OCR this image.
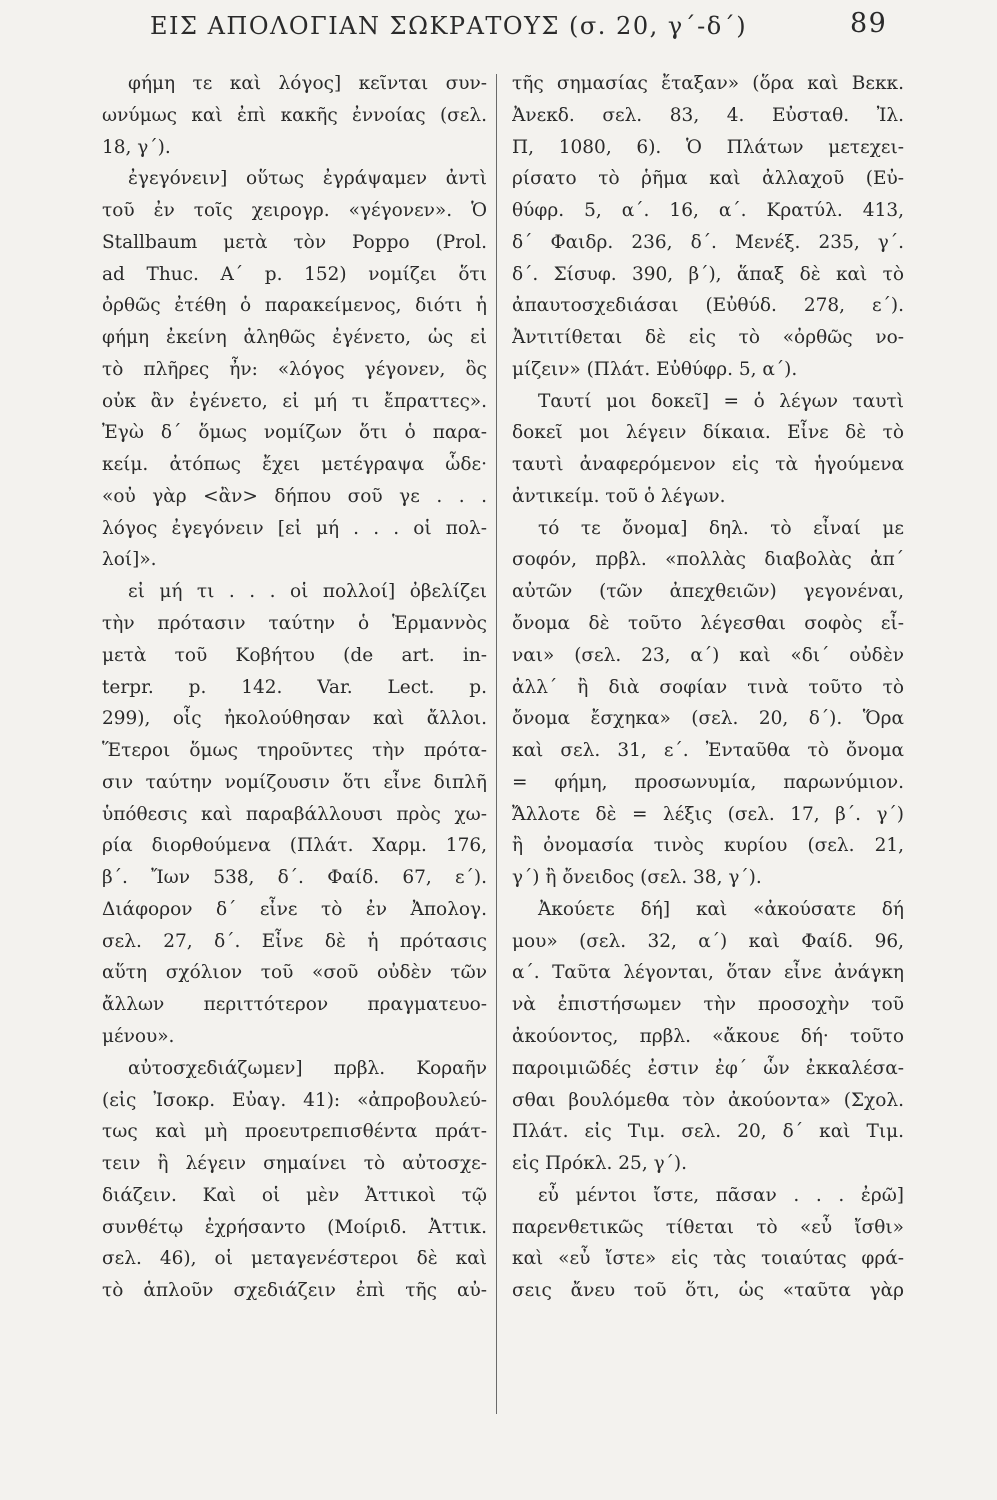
ΕΙΣ ΑΠΟΛΟΓΙΑΝ ΣΩΚΡΑΤΟΥΣ (σ. 20, γ΄-δ΄)	89
φήμη τε καὶ λόγος] κεῖνται συν-
ωνύμως καὶ ἐπὶ κακῆς ἐννοίας (σελ.
18, γ΄).
ἐγεγόνειν] οὕτως ἐγράψαμεν ἀντὶ
τοῦ ἐν τοῖς χειρογρ. «γέγονεν». Ὁ
Stallbaum μετὰ τὸν Poppo (Prol.
ad Thuc. A΄ p. 152) νομίζει ὅτι
ὀρθῶς ἐτέθη ὁ παρακείμενος, διότι ἡ
φήμη ἐκείνη ἀληθῶς ἐγένετο, ὡς εἰ
τὸ πλῆρες ἦν: «λόγος γέγονεν, ὃς
οὐκ ἂν ἐγένετο, εἰ μή τι ἔπραττες».
Ἐγὼ δ΄ ὅμως νομίζων ὅτι ὁ παρα-
κείμ. ἀτόπως ἔχει μετέγραψα ὧδε·
«οὐ γὰρ <ἂν> δήπου σοῦ γε . . .
λόγος ἐγεγόνειν [εἰ μή . . . οἱ πολ-
λοί]».
εἰ μή τι . . . οἱ πολλοί] ὀβελίζει
τὴν πρότασιν ταύτην ὁ Ἑρμαννὸς
μετὰ τοῦ Κοβήτου (de art. in-
terpr. p. 142. Var. Lect. p.
299), οἷς ἠκολούθησαν καὶ ἄλλοι.
Ἕτεροι ὅμως τηροῦντες τὴν πρότα-
σιν ταύτην νομίζουσιν ὅτι εἶνε διπλῆ
ὑπόθεσις καὶ παραβάλλουσι πρὸς χω-
ρία διορθούμενα (Πλάτ. Χαρμ. 176,
β΄. Ἴων 538, δ΄. Φαίδ. 67, ε΄).
Διάφορον δ΄ εἶνε τὸ ἐν Ἀπολογ.
σελ. 27, δ΄. Εἶνε δὲ ἡ πρότασις
αὕτη σχόλιον τοῦ «σοῦ οὐδὲν τῶν
ἄλλων περιττότερον πραγματευο-
μένου».
αὐτοσχεδιάζωμεν] πρβλ. Κοραῆν
(εἰς Ἰσοκρ. Εὐαγ. 41): «ἀπροβουλεύ-
τως καὶ μὴ προευτρεπισθέντα πράτ-
τειν ἢ λέγειν σημαίνει τὸ αὐτοσχε-
διάζειν. Καὶ οἱ μὲν Ἀττικοὶ τῷ
συνθέτῳ ἐχρήσαντο (Μοίριδ. Ἀττικ.
σελ. 46), οἱ μεταγενέστεροι δὲ καὶ
τὸ ἁπλοῦν σχεδιάζειν ἐπὶ τῆς αὐ-
τῆς σημασίας ἔταξαν» (ὅρα καὶ Βεκκ.
Ἀνεκδ. σελ. 83, 4. Εὐσταθ. Ἰλ.
Π, 1080, 6). Ὁ Πλάτων μετεχει-
ρίσατο τὸ ῥῆμα καὶ ἀλλαχοῦ (Εὐ-
θύφρ. 5, α΄. 16, α΄. Κρατύλ. 413,
δ΄ Φαιδρ. 236, δ΄. Μενέξ. 235, γ΄.
δ΄. Σίσυφ. 390, β΄), ἅπαξ δὲ καὶ τὸ
ἀπαυτοσχεδιάσαι (Εὐθύδ. 278, ε΄).
Ἀντιτίθεται δὲ εἰς τὸ «ὀρθῶς νο-
μίζειν» (Πλάτ. Εὐθύφρ. 5, α΄).
Ταυτί μοι δοκεῖ] = ὁ λέγων ταυτὶ
δοκεῖ μοι λέγειν δίκαια. Εἶνε δὲ τὸ
ταυτὶ ἀναφερόμενον εἰς τὰ ἡγούμενα
ἀντικείμ. τοῦ ὁ λέγων.
τό τε ὄνομα] δηλ. τὸ εἶναί με
σοφόν, πρβλ. «πολλὰς διαβολὰς ἀπ΄
αὐτῶν (τῶν ἀπεχθειῶν) γεγονέναι,
ὄνομα δὲ τοῦτο λέγεσθαι σοφὸς εἶ-
ναι» (σελ. 23, α΄) καὶ «δι΄ οὐδὲν
ἀλλ΄ ἢ διὰ σοφίαν τινὰ τοῦτο τὸ
ὄνομα ἔσχηκα» (σελ. 20, δ΄). Ὅρα
καὶ σελ. 31, ε΄. Ἐνταῦθα τὸ ὄνομα
= φήμη, προσωνυμία, παρωνύμιον.
Ἄλλοτε δὲ = λέξις (σελ. 17, β΄. γ΄)
ἢ ὀνομασία τινὸς κυρίου (σελ. 21,
γ΄) ἢ ὄνειδος (σελ. 38, γ΄).
Ἀκούετε δή] καὶ «ἀκούσατε δή
μου» (σελ. 32, α΄) καὶ Φαίδ. 96,
α΄. Ταῦτα λέγονται, ὅταν εἶνε ἀνάγκη
νὰ ἐπιστήσωμεν τὴν προσοχὴν τοῦ
ἀκούοντος, πρβλ. «ἄκουε δή· τοῦτο
παροιμιῶδές ἐστιν ἐφ΄ ὧν ἐκκαλέσα-
σθαι βουλόμεθα τὸν ἀκούοντα» (Σχολ.
Πλάτ. εἰς Τιμ. σελ. 20, δ΄ καὶ Τιμ.
εἰς Πρόκλ. 25, γ΄).
εὖ μέντοι ἴστε, πᾶσαν . . . ἐρῶ]
παρενθετικῶς τίθεται τὸ «εὖ ἴσθι»
καὶ «εὖ ἴστε» εἰς τὰς τοιαύτας φρά-
σεις ἄνευ τοῦ ὅτι, ὡς «ταῦτα γὰρ
